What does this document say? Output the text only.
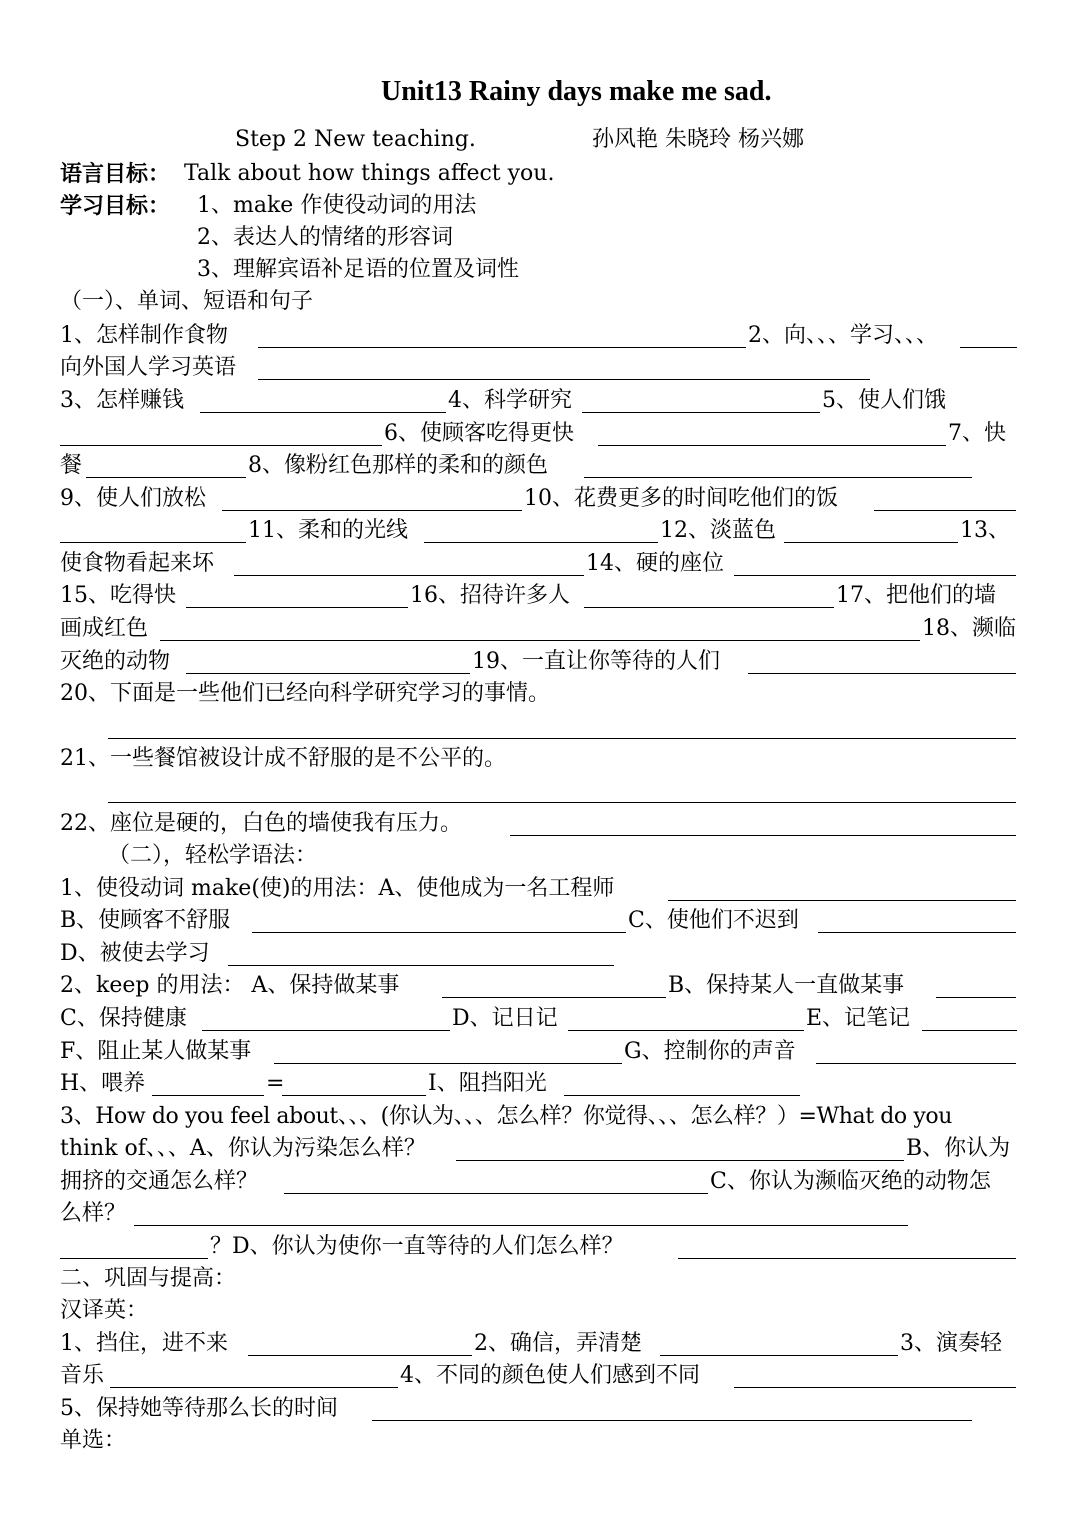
Unit13 Rainy days make me sad.
Step 2 New teaching.	孙风艳 朱晓玲 杨兴娜
语言目标： Talk about how things affect you.
学习目标： 1、make 作使役动词的用法
2、表达人的情绪的形容词
3、理解宾语补足语的位置及词性
（一）、单词、短语和句子
1、怎样制作食物	2、向、、、学习、、、
向外国人学习英语
3、怎样赚钱	4、科学研究	5、使人们饿
6、使顾客吃得更快	7、快
餐	8、像粉红色那样的柔和的颜色
9、使人们放松	10、花费更多的时间吃他们的饭
11、柔和的光线	12、淡蓝色	13、
使食物看起来坏	14、硬的座位
15、吃得快	16、招待许多人	17、把他们的墙
画成红色	18、濒临
灭绝的动物	19、一直让你等待的人们
20、下面是一些他们已经向科学研究学习的事情。
21、一些餐馆被设计成不舒服的是不公平的。
22、座位是硬的，白色的墙使我有压力。
（二），轻松学语法：
1、使役动词 make(使)的用法：A、使他成为一名工程师
B、使顾客不舒服	C、使他们不迟到
D、被使去学习
2、keep 的用法： A、保持做某事	B、保持某人一直做某事
C、保持健康	D、记日记	E、记笔记
F、阻止某人做某事	G、控制你的声音
H、喂养	=	I、阻挡阳光
3、How do you feel about、、、(你认为、、、怎么样？你觉得、、、怎么样？）=What do you
think of、、、A、你认为污染怎么样？	B、你认为
拥挤的交通怎么样？	C、你认为濒临灭绝的动物怎
么样？
？D、你认为使你一直等待的人们怎么样？
二、巩固与提高：
汉译英：
1、挡住，进不来	2、确信，弄清楚	3、演奏轻
音乐	4、不同的颜色使人们感到不同
5、保持她等待那么长的时间
单选：
